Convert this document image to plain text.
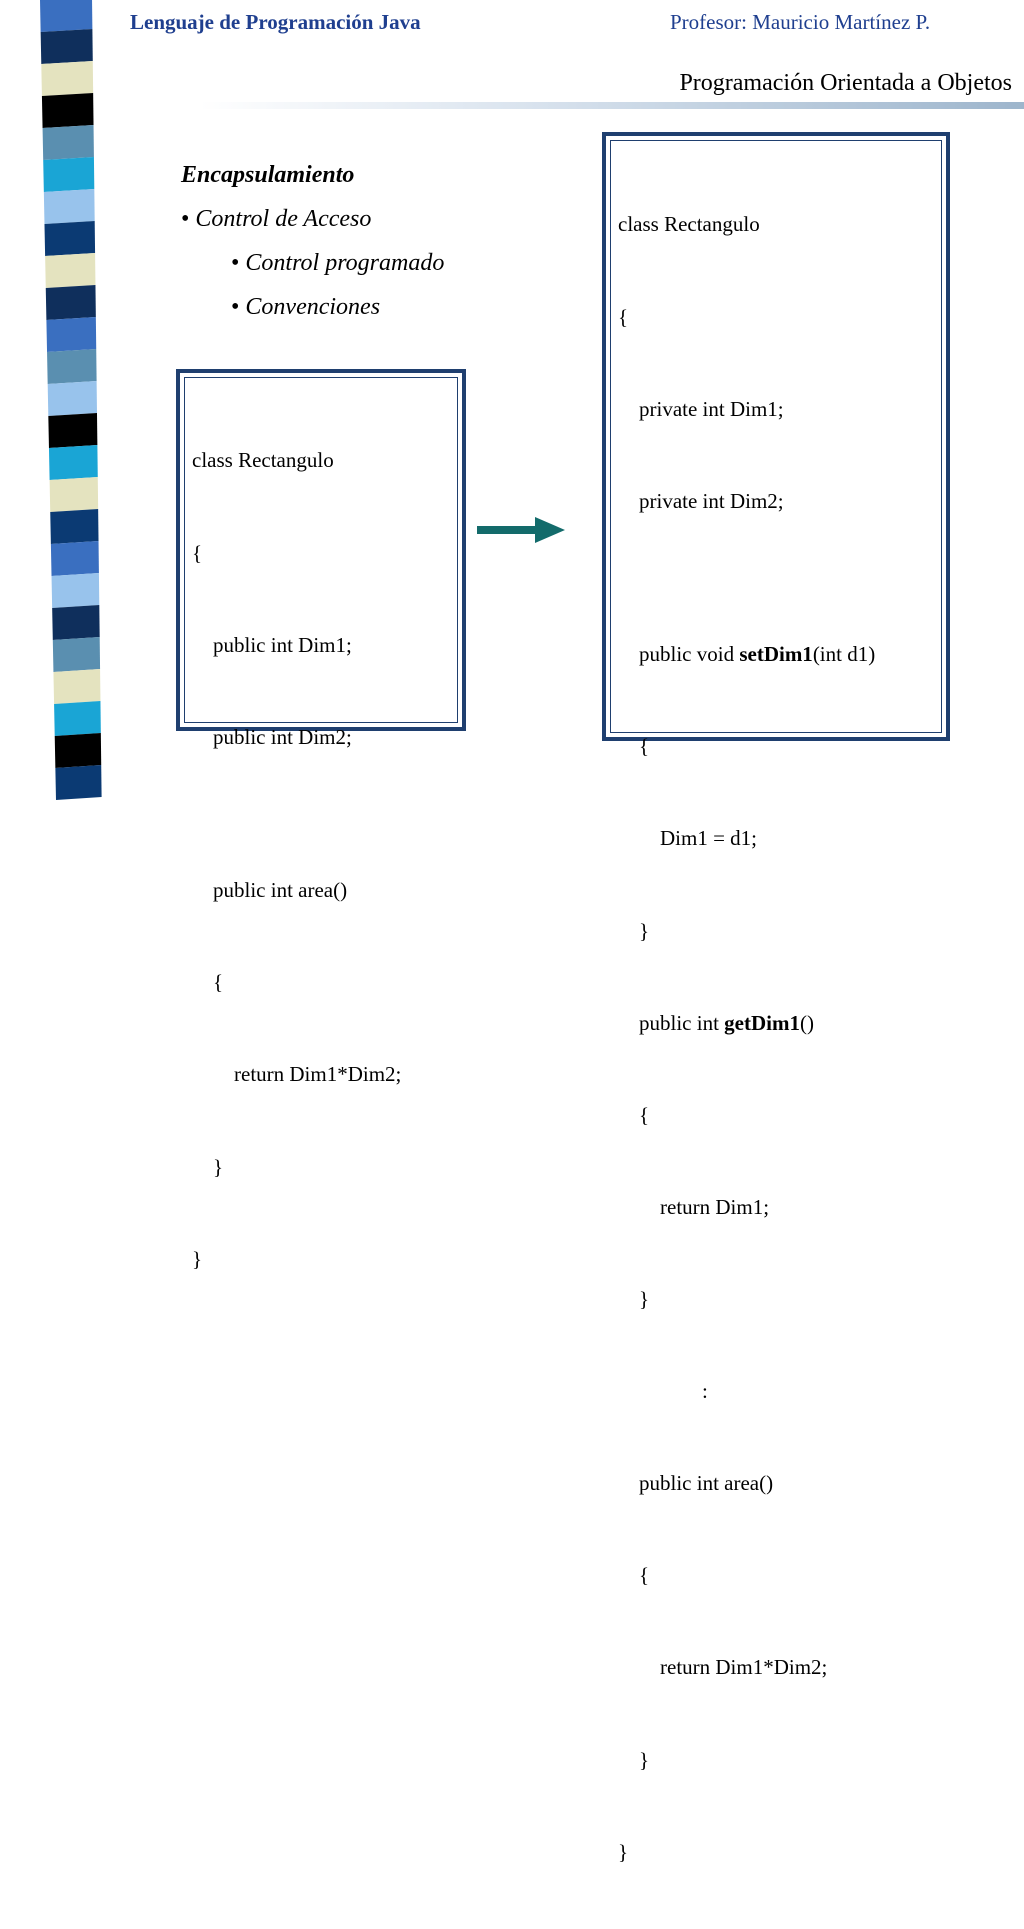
Lenguaje de Programación Java	Profesor: Mauricio Martínez P.
Programación Orientada a Objetos
Encapsulamiento
• Control de Acceso
• Control programado
• Convenciones

class Rectangulo

{

public int Dim1;

public int Dim2;

public int area()

{

return Dim1*Dim2;

}

}

class Rectangulo

{

private int Dim1;

private int Dim2;

public void setDim1(int d1)

{

Dim1 = d1;

}

public int getDim1()

{

return Dim1;

}

:

public int area()

{

return Dim1*Dim2;

}

}
